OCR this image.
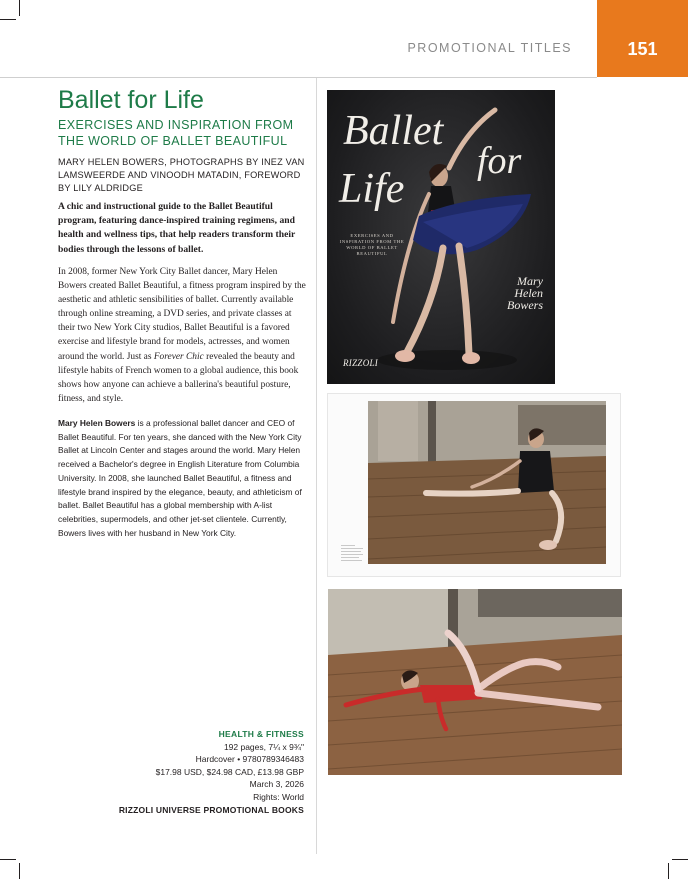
PROMOTIONAL TITLES	151
Ballet for Life

EXERCISES AND INSPIRATION FROM THE WORLD OF BALLET BEAUTIFUL

MARY HELEN BOWERS, PHOTOGRAPHS BY INEZ VAN LAMSWEERDE AND VINOODH MATADIN, FOREWORD BY LILY ALDRIDGE

A chic and instructional guide to the Ballet Beautiful program, featuring dance-inspired training regimens, and health and wellness tips, that help readers transform their bodies through the lessons of ballet.

In 2008, former New York City Ballet dancer, Mary Helen Bowers created Ballet Beautiful, a fitness program inspired by the aesthetic and athletic sensibilities of ballet. Currently available through online streaming, a DVD series, and private classes at their two New York City studios, Ballet Beautiful is a favored exercise and lifestyle brand for models, actresses, and women around the world. Just as Forever Chic revealed the beauty and lifestyle habits of French women to a global audience, this book shows how anyone can achieve a ballerina's beautiful posture, fitness, and style.

Mary Helen Bowers is a professional ballet dancer and CEO of Ballet Beautiful. For ten years, she danced with the New York City Ballet at Lincoln Center and stages around the world. Mary Helen received a Bachelor's degree in English Literature from Columbia University. In 2008, she launched Ballet Beautiful, a fitness and lifestyle brand inspired by the elegance, beauty, and athleticism of ballet. Ballet Beautiful has a global membership with A-list celebrities, supermodels, and other jet-set clientele. Currently, Bowers lives with her husband in New York City.

HEALTH & FITNESS
192 pages, 7¼ x 9¾"
Hardcover • 9780789346483
$17.98 USD, $24.98 CAD, £13.98 GBP
March 3, 2026
Rights: World
RIZZOLI UNIVERSE PROMOTIONAL BOOKS
Ballet
for
Life
EXERCISES AND INSPIRATION FROM THE WORLD OF BALLET BEAUTIFUL
Mary
Helen
Bowers
RIZZOLI
